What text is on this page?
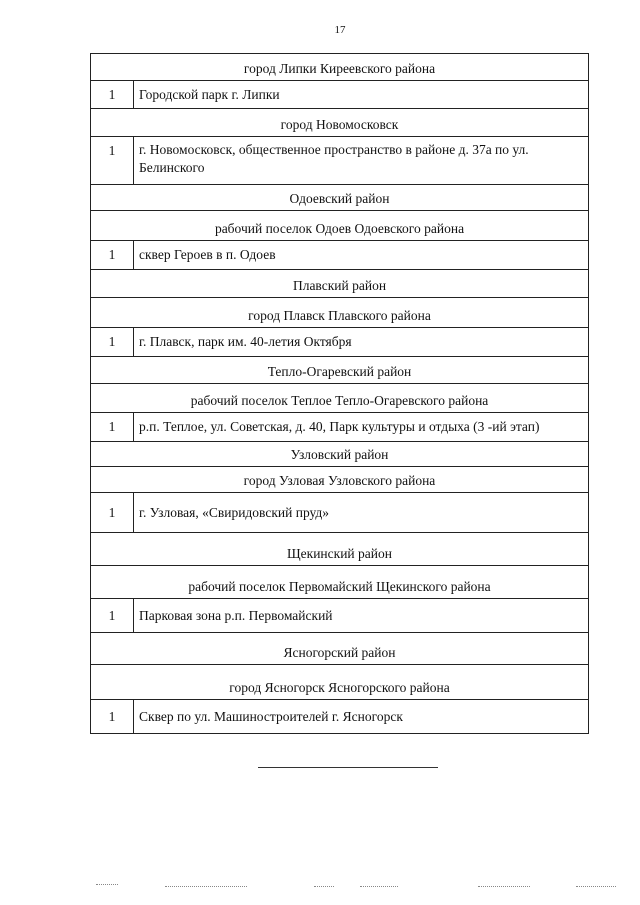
17
город Липки Киреевского района
1	Городской парк г. Липки
город Новомосковск
1	г. Новомосковск, общественное пространство в районе д. 37а по ул. Белинского
Одоевский район
рабочий поселок Одоев Одоевского района
1	сквер Героев в п. Одоев
Плавский район
город Плавск Плавского района
1	г. Плавск, парк им. 40-летия Октября
Тепло-Огаревский район
рабочий поселок Теплое Тепло-Огаревского района
1	р.п. Теплое, ул. Советская, д. 40, Парк культуры и отдыха (3 -ий этап)
Узловский район
город Узловая Узловского района
1	г. Узловая, «Свиридовский пруд»
Щекинский район
рабочий поселок Первомайский Щекинского района
1	Парковая зона р.п. Первомайский
Ясногорский район
город Ясногорск Ясногорского района
1	Сквер по ул. Машиностроителей г. Ясногорск
